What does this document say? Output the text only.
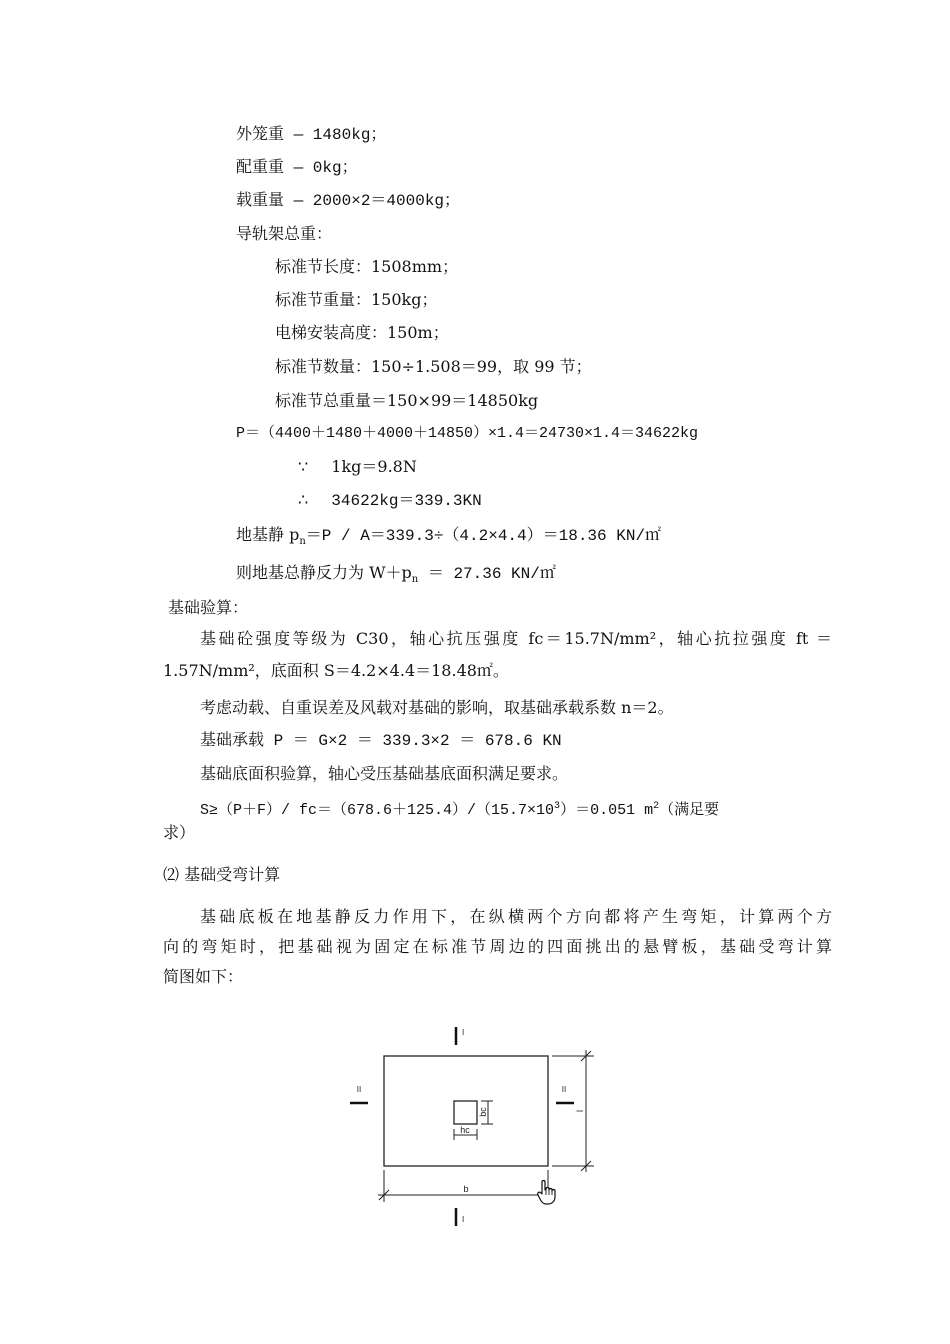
外笼重 — 1480kg；
配重重 — 0kg；
载重量 — 2000×2＝4000kg；
导轨架总重：
标准节长度：1508mm；
标准节重量：150kg；
电梯安装高度：150m；
标准节数量：150÷1.508＝99，取 99 节；
标准节总重量＝150×99＝14850kg
P＝（4400＋1480＋4000＋14850）×1.4＝24730×1.4＝34622kg
∵ 1kg＝9.8N
∴ 34622kg＝339.3KN
地基静 $p_n=P / A=339.3\div(4.2\times 4.4)=18.36$ KN/㎡
则地基总静反力为 $W+p_n = 27.36$ KN/㎡
基础验算：
基础砼强度等级为 C30，轴心抗压强度 fc＝15.7N/mm²，轴心抗拉强度 ft ＝
1.57N/mm²，底面积 S＝4.2×4.4＝18.48㎡。
考虑动载、自重误差及风载对基础的影响，取基础承载系数 n＝2。
基础承载 P ＝ G×2 ＝ 339.3×2 ＝ 678.6 KN
基础底面积验算，轴心受压基础基底面积满足要求。
S≥（P＋F）/ $fc=(678.6+125.4)/(15.7\times 10^3)=0.051$ $m^2$（满足要
求）
⑵ 基础受弯计算
基础底板在地基静反力作用下，在纵横两个方向都将产生弯矩，计算两个方
向的弯矩时，把基础视为固定在标准节周边的四面挑出的悬臂板，基础受弯计算
简图如下：
hc
bc
I
I
II	II
l
b
